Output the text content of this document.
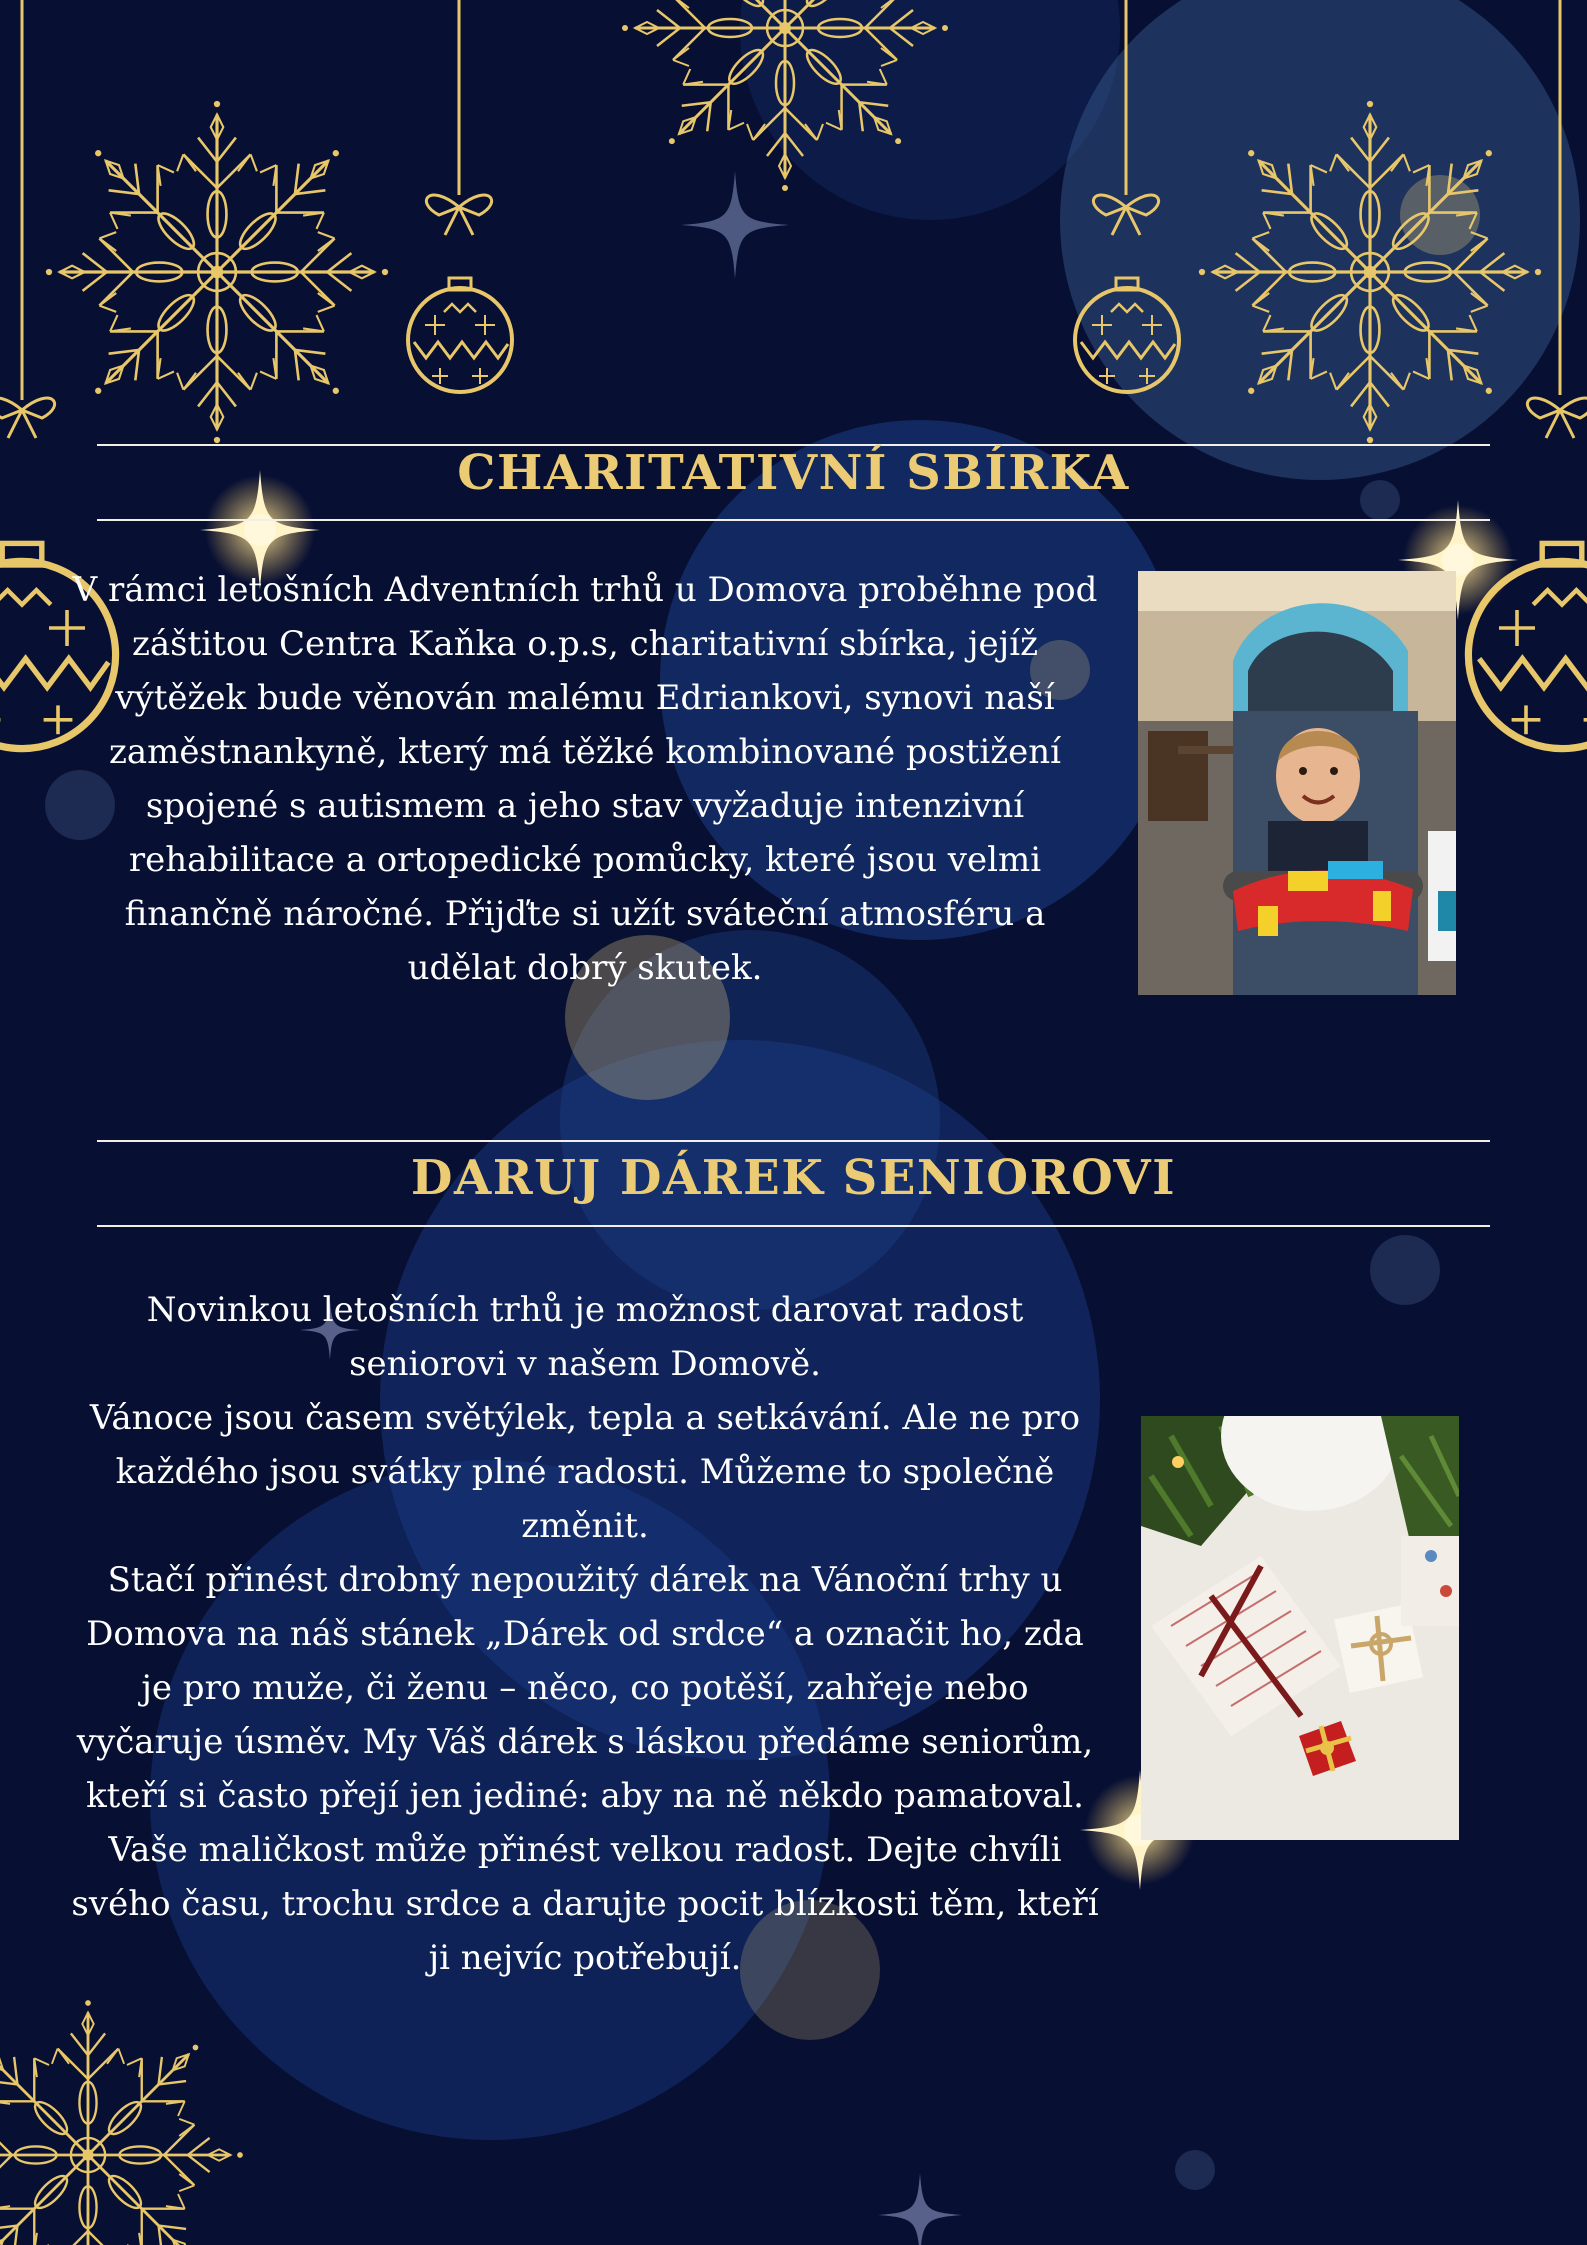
CHARITATIVNÍ SBÍRKA
V rámci letošních Adventních trhů u Domova proběhne pod záštitou Centra Kaňka o.p.s, charitativní sbírka, jejíž výtěžek bude věnován malému Edriankovi, synovi naší zaměstnankyně, který má těžké kombinované postižení spojené s autismem a jeho stav vyžaduje intenzivní rehabilitace a ortopedické pomůcky, které jsou velmi finančně náročné. Přijďte si užít sváteční atmosféru a udělat dobrý skutek.
DARUJ DÁREK SENIOROVI
Novinkou letošních trhů je možnost darovat radost seniorovi v našem Domově.
Vánoce jsou časem světýlek, tepla a setkávání. Ale ne pro každého jsou svátky plné radosti. Můžeme to společně změnit.
Stačí přinést drobný nepoužitý dárek na Vánoční trhy u Domova na náš stánek „Dárek od srdce“ a označit ho, zda je pro muže, či ženu – něco, co potěší, zahřeje nebo vyčaruje úsměv. My Váš dárek s láskou předáme seniorům, kteří si často přejí jen jediné: aby na ně někdo pamatoval.
Vaše maličkost může přinést velkou radost. Dejte chvíli svého času, trochu srdce a darujte pocit blízkosti těm, kteří ji nejvíc potřebují.
